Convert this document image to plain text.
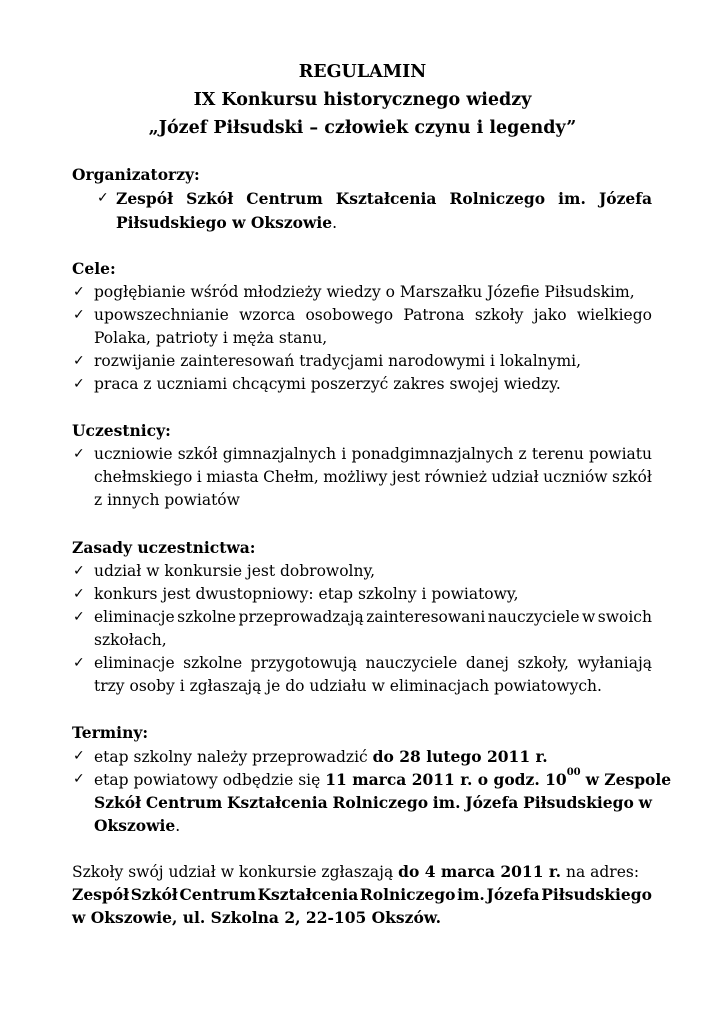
REGULAMIN
IX Konkursu historycznego wiedzy
„Józef Piłsudski – człowiek czynu i legendy”
Organizatorzy:
✓ Zespół Szkół Centrum Kształcenia Rolniczego im. Józefa
Piłsudskiego w Okszowie.
Cele:
✓ pogłębianie wśród młodzieży wiedzy o Marszałku Józefie Piłsudskim,
✓ upowszechnianie wzorca osobowego Patrona szkoły jako wielkiego
Polaka, patrioty i męża stanu,
✓ rozwijanie zainteresowań tradycjami narodowymi i lokalnymi,
✓ praca z uczniami chcącymi poszerzyć zakres swojej wiedzy.
Uczestnicy:
✓ uczniowie szkół gimnazjalnych i ponadgimnazjalnych z terenu powiatu
chełmskiego i miasta Chełm, możliwy jest również udział uczniów szkół
z innych powiatów
Zasady uczestnictwa:
✓ udział w konkursie jest dobrowolny,
✓ konkurs jest dwustopniowy: etap szkolny i powiatowy,
✓ eliminacje szkolne przeprowadzają zainteresowani nauczyciele w swoich
szkołach,
✓ eliminacje szkolne przygotowują nauczyciele danej szkoły, wyłaniają
trzy osoby i zgłaszają je do udziału w eliminacjach powiatowych.
Terminy:
✓ etap szkolny należy przeprowadzić do 28 lutego 2011 r.
✓ etap powiatowy odbędzie się 11 marca 2011 r. o godz. $10^{00}$ w Zespole
Szkół Centrum Kształcenia Rolniczego im. Józefa Piłsudskiego w
Okszowie.
Szkoły swój udział w konkursie zgłaszają do 4 marca 2011 r. na adres:
Zespół Szkół Centrum Kształcenia Rolniczego im. Józefa Piłsudskiego
w Okszowie, ul. Szkolna 2, 22-105 Okszów.
